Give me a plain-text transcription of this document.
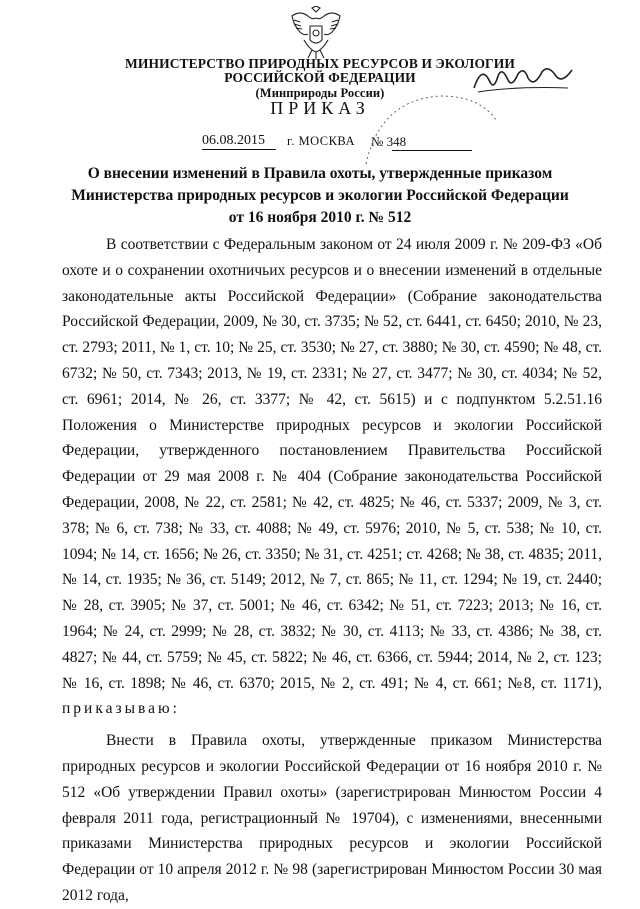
МИНИСТЕРСТВО ПРИРОДНЫХ РЕСУРСОВ И ЭКОЛОГИИ
РОССИЙСКОЙ ФЕДЕРАЦИИ
(Минприроды России)
ПРИКАЗ
06.08.2015	г. МОСКВА № 348
О внесении изменений в Правила охоты, утвержденные приказом
Министерства природных ресурсов и экологии Российской Федерации
от 16 ноября 2010 г. № 512

В соответствии с Федеральным законом от 24 июля 2009 г. № 209-ФЗ «Об охоте и о сохранении охотничьих ресурсов и о внесении изменений в отдельные законодательные акты Российской Федерации» (Собрание законодательства Российской Федерации, 2009, № 30, ст. 3735; № 52, ст. 6441, ст. 6450; 2010, № 23, ст. 2793; 2011, № 1, ст. 10; № 25, ст. 3530; № 27, ст. 3880; № 30, ст. 4590; № 48, ст. 6732; № 50, ст. 7343; 2013, № 19, ст. 2331; № 27, ст. 3477; № 30, ст. 4034; № 52, ст. 6961; 2014, № 26, ст. 3377; № 42, ст. 5615) и с подпунктом 5.2.51.16 Положения о Министерстве природных ресурсов и экологии Российской Федерации, утвержденного постановлением Правительства Российской Федерации от 29 мая 2008 г. № 404 (Собрание законодательства Российской Федерации, 2008, № 22, ст. 2581; № 42, ст. 4825; № 46, ст. 5337; 2009, № 3, ст. 378; № 6, ст. 738; № 33, ст. 4088; № 49, ст. 5976; 2010, № 5, ст. 538; № 10, ст. 1094; № 14, ст. 1656; № 26, ст. 3350; № 31, ст. 4251; ст. 4268; № 38, ст. 4835; 2011, № 14, ст. 1935; № 36, ст. 5149; 2012, № 7, ст. 865; № 11, ст. 1294; № 19, ст. 2440; № 28, ст. 3905; № 37, ст. 5001; № 46, ст. 6342; № 51, ст. 7223; 2013; № 16, ст. 1964; № 24, ст. 2999; № 28, ст. 3832; № 30, ст. 4113; № 33, ст. 4386; № 38, ст. 4827; № 44, ст. 5759; № 45, ст. 5822; № 46, ст. 6366, ст. 5944; 2014, № 2, ст. 123; № 16, ст. 1898; № 46, ст. 6370; 2015, № 2, ст. 491; № 4, ст. 661; №8, ст. 1171), приказываю:

Внести в Правила охоты, утвержденные приказом Министерства природных ресурсов и экологии Российской Федерации от 16 ноября 2010 г. № 512 «Об утверждении Правил охоты» (зарегистрирован Минюстом России 4 февраля 2011 года, регистрационный № 19704), с изменениями, внесенными приказами Министерства природных ресурсов и экологии Российской Федерации от 10 апреля 2012 г. № 98 (зарегистрирован Минюстом России 30 мая 2012 года,
